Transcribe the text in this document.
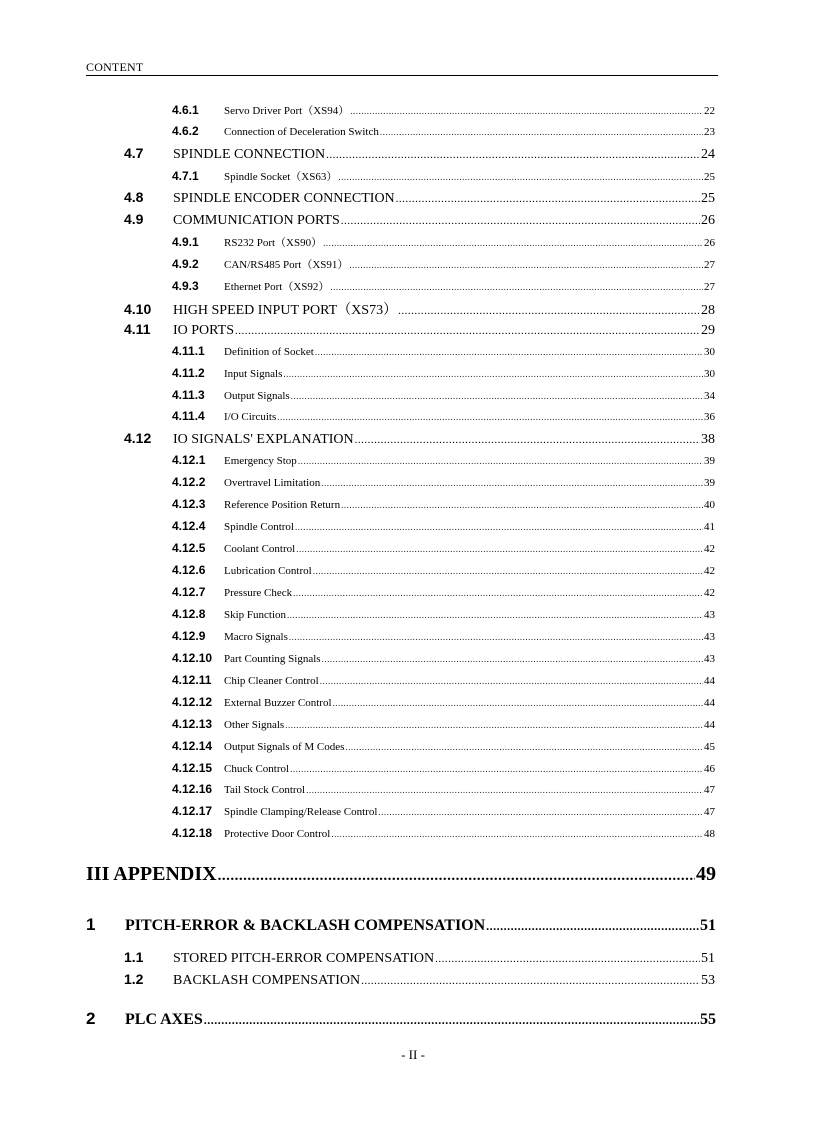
CONTENT
4.6.1	Servo Driver Port（XS94） .....	22
4.6.2	Connection of Deceleration Switch .....	23
4.7	SPINDLE CONNECTION .....	24
4.7.1	Spindle Socket（XS63） .....	25
4.8	SPINDLE ENCODER CONNECTION .....	25
4.9	COMMUNICATION PORTS .....	26
4.9.1	RS232 Port（XS90） .....	26
4.9.2	CAN/RS485 Port（XS91） .....	27
4.9.3	Ethernet Port（XS92） .....	27
4.10	HIGH SPEED INPUT PORT（XS73） .....	28
4.11	IO PORTS .....	29
4.11.1	Definition of Socket .....	30
4.11.2	Input Signals .....	30
4.11.3	Output Signals .....	34
4.11.4	I/O Circuits .....	36
4.12	IO SIGNALS' EXPLANATION .....	38
4.12.1	Emergency Stop .....	39
4.12.2	Overtravel Limitation .....	39
4.12.3	Reference Position Return .....	40
4.12.4	Spindle Control .....	41
4.12.5	Coolant Control .....	42
4.12.6	Lubrication Control .....	42
4.12.7	Pressure Check .....	42
4.12.8	Skip Function .....	43
4.12.9	Macro Signals .....	43
4.12.10	Part Counting Signals .....	43
4.12.11	Chip Cleaner Control .....	44
4.12.12	External Buzzer Control .....	44
4.12.13	Other Signals .....	44
4.12.14	Output Signals of M Codes .....	45
4.12.15	Chuck Control .....	46
4.12.16	Tail Stock Control .....	47
4.12.17	Spindle Clamping/Release Control .....	47
4.12.18	Protective Door Control .....	48
III APPENDIX .....	49
1	PITCH-ERROR & BACKLASH COMPENSATION .....	51
1.1	STORED PITCH-ERROR COMPENSATION .....	51
1.2	BACKLASH COMPENSATION .....	53
2	PLC AXES .....	55
- II -
